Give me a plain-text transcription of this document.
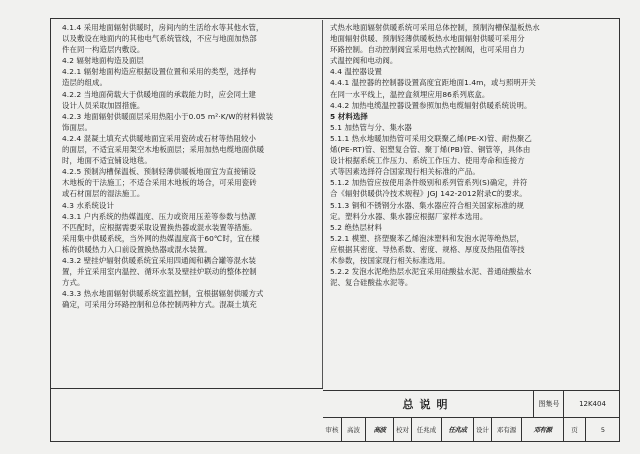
4.1.4 采用地面辐射供暖时，房间内的生活给水等其他水管，

以及敷设在地面内的其他电气系统管线，不应与地面加热部

件在同一构造层内敷设。

4.2 辐射地面构造及面层

4.2.1 辐射地面构造应根据设置位置和采用的类型，选择构

造层的组成。

4.2.2 当地面荷载大于供暖地面的承载能力时，应会同土建

设计人员采取加固措施。

4.2.3 地面辐射供暖面层采用热阻小于0.05 m²·K/W的材料做装

饰面层。

4.2.4 混凝土填充式供暖地面宜采用瓷砖或石材等热阻较小

的面层，不适宜采用架空木地板面层；采用加热电缆地面供暖

时，地面不适宜铺设地毯。

4.2.5 预制沟槽保温板、预制轻薄供暖板地面宜为直接铺设

木地板的干法施工；不适合采用木地板的场合，可采用瓷砖

或石材面层的湿法施工。

4.3 水系统设计

4.3.1 户内系统的热媒温度、压力或资用压差等参数与热源

不匹配时，应根据需要采取设置换热器或混水装置等措施。

采用集中供暖系统，当外网的热媒温度高于60℃时，宜在楼

栋的供暖热力入口前设置换热器或混水装置。

4.3.2 壁挂炉辐射供暖系统宜采用四通阀和耦合罐等混水装

置，并宜采用室内温控、循环水泵及壁挂炉联动的整体控制

方式。

4.3.3 热水地面辐射供暖系统室温控制，宜根据辐射供暖方式

确定，可采用分环路控制和总体控制两种方式。混凝土填充

式热水地面辐射供暖系统可采用总体控制，预制沟槽保温板热水

地面辐射供暖、预制轻薄供暖板热水地面辐射供暖可采用分

环路控制。自动控制阀宜采用电热式控制阀，也可采用自力

式温控阀和电动阀。

4.4 温控器设置

4.4.1 温控器的控制器设置高度宜距地面1.4m，或与照明开关

在同一水平线上，温控盒须埋应用86系列底盒。

4.4.2 加热电缆温控器设置参照加热电缆辐射供暖系统说明。

5 材料选择

5.1 加热管与分、集水器

5.1.1 热水地暖加热管可采用交联聚乙烯(PE-X)管、耐热聚乙

烯(PE-RT)管、铝塑复合管、聚丁烯(PB)管、铜管等，具体由

设计根据系统工作压力、系统工作压力、使用寿命和连接方

式等因素选择符合国家现行相关标准的产品。

5.1.2 加热管应按使用条件级别和系列管系列(S)确定，并符

合《辐射供暖供冷技术规程》JGJ 142-2012附录C的要求。

5.1.3 铜和不锈钢分水器、集水器应符合相关国家标准的规

定。塑料分水器、集水器应根据厂家样本选用。

5.2 绝热层材料

5.2.1 模塑、挤塑聚苯乙烯泡沫塑料和发泡水泥等绝热层，

应根据其密度、导热系数、密度、规格、厚度及热阻值等技

术参数，按国家现行相关标准选用。

5.2.2 发泡水泥绝热层水泥宜采用硅酸盐水泥、普通硅酸盐水

泥、复合硅酸盐水泥等。

总说明	图集号	12K404
审核	高波	高波	校对	任兆成	任兆成	设计	邓有源	邓有源	页	5
